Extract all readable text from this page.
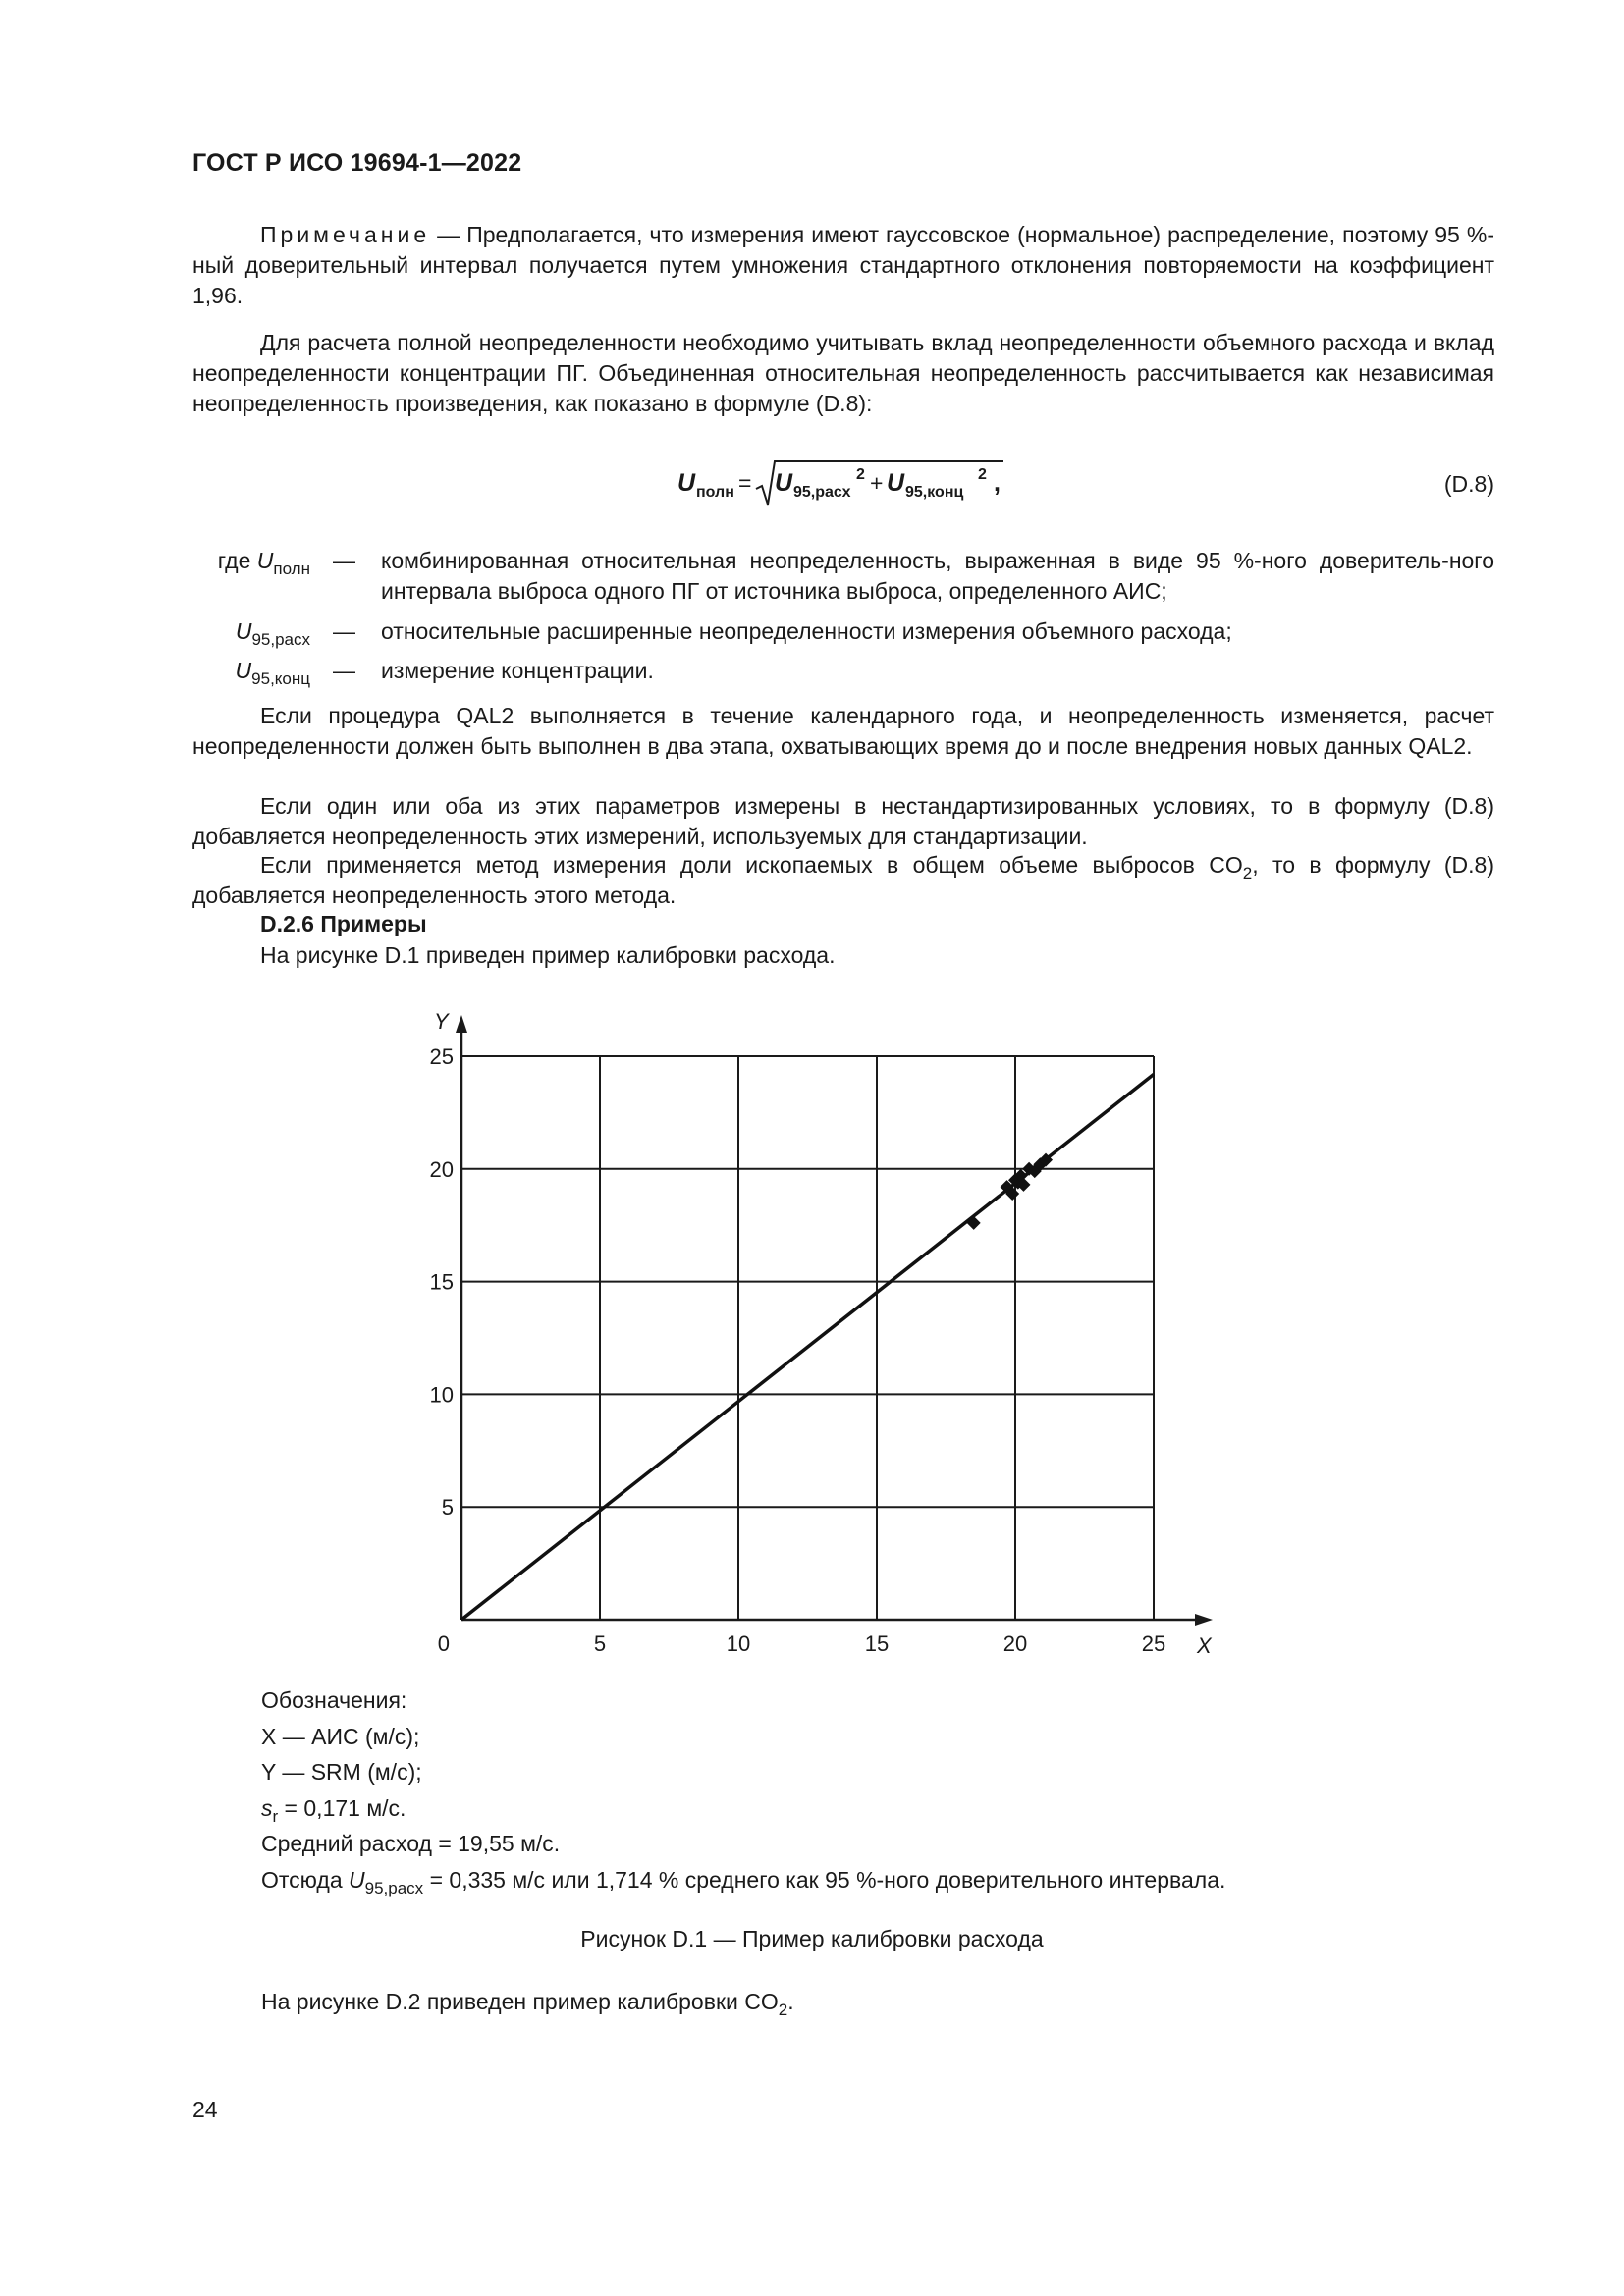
ГОСТ Р ИСО 19694-1—2022
Примечание — Предполагается, что измерения имеют гауссовское (нормальное) распределение, поэтому 95 %-ный доверительный интервал получается путем умножения стандартного отклонения повторяемости на коэффициент 1,96.
Для расчета полной неопределенности необходимо учитывать вклад неопределенности объемного расхода и вклад неопределенности концентрации ПГ. Объединенная относительная неопределенность рассчитывается как независимая неопределенность произведения, как показано в формуле (D.8):
U полн = U 95,расх
2 + U 95,конц
2 ,	(D.8)
где $U_{полн}$ — комбинированная относительная неопределенность, выраженная в виде 95 %-ного доверитель-ного интервала выброса одного ПГ от источника выброса, определенного АИС;
$U_{95,расх}$ — относительные расширенные неопределенности измерения объемного расхода;
$U_{95,конц}$ — измерение концентрации.
Если процедура QAL2 выполняется в течение календарного года, и неопределенность изменяется, расчет неопределенности должен быть выполнен в два этапа, охватывающих время до и после внедрения новых данных QAL2.
Если один или оба из этих параметров измерены в нестандартизированных условиях, то в формулу (D.8) добавляется неопределенность этих измерений, используемых для стандартизации.
Если применяется метод измерения доли ископаемых в общем объеме выбросов $CO_2$, то в формулу (D.8) добавляется неопределенность этого метода.
D.2.6 Примеры
На рисунке D.1 приведен пример калибровки расхода.
5	10	15	20	25
5
10
15
20
25
0	X
Y
Обозначения:
X — АИС (м/с);
Y — SRM (м/с);
$s_r = 0,171$ м/с.
Средний расход = 19,55 м/с.
Отсюда $U_{95,расх} = 0,335$ м/с или 1,714 % среднего как 95 %-ного доверительного интервала.
Рисунок D.1 — Пример калибровки расхода
На рисунке D.2 приведен пример калибровки $CO_2$.
24
